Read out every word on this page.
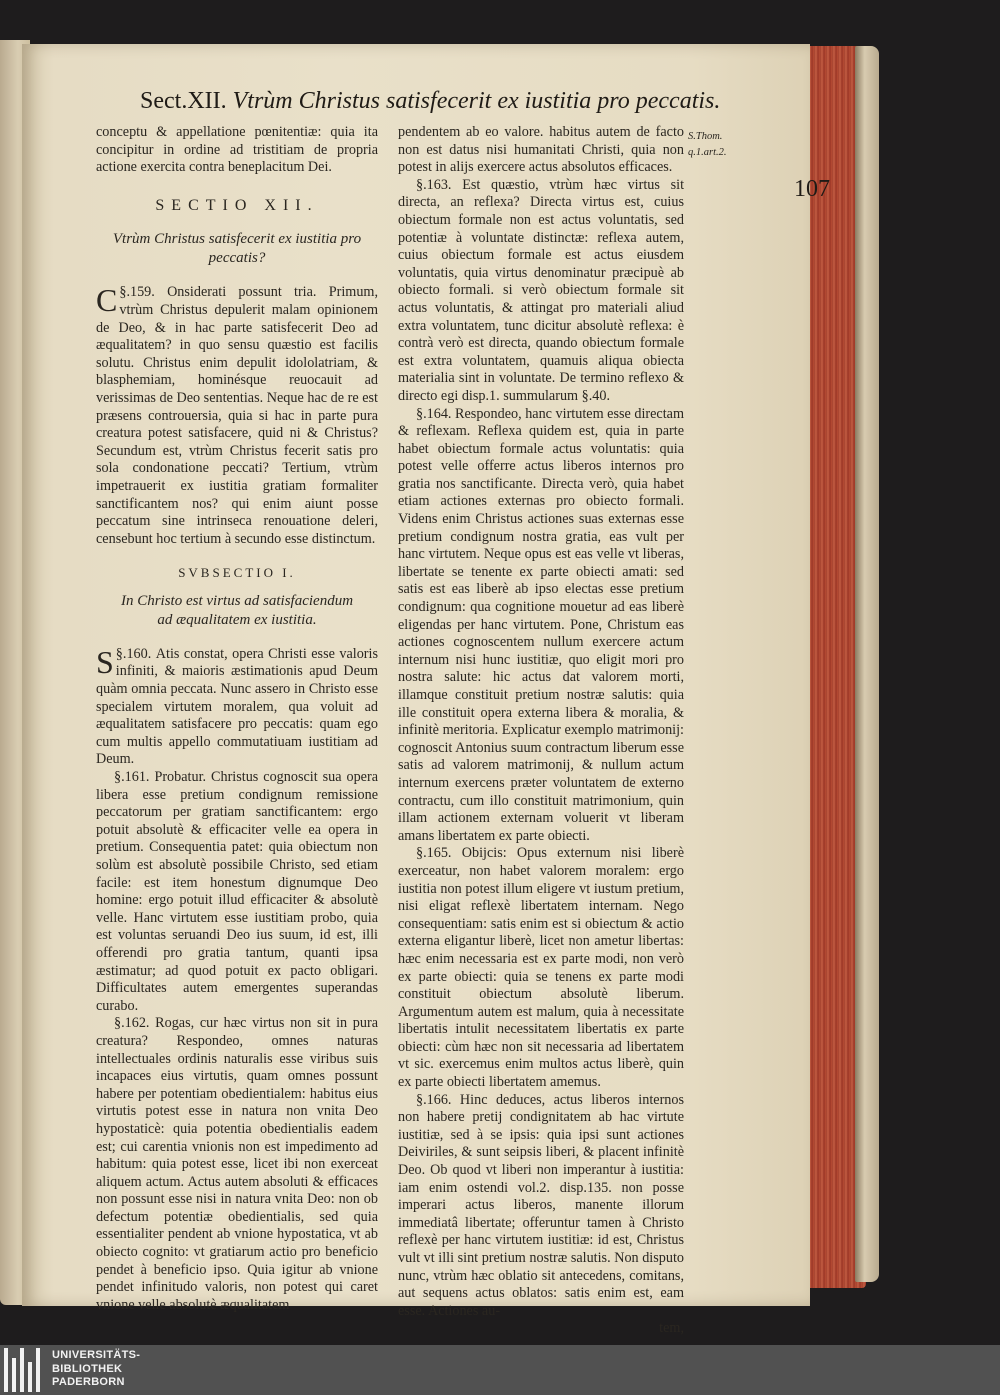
Sect.XII. Vtrùm Christus satisfecerit ex iustitia pro peccatis.
107
S.Thom.
q.1.art.2.

conceptu & appellatione pœnitentiæ: quia ita concipitur in ordine ad tristitiam de propria actione exercita contra beneplacitum Dei.

SECTIO XII.

Vtrùm Christus satisfecerit ex iustitia pro peccatis?

§.159.
C	Onsiderati possunt tria. Primum, vtrùm Christus depulerit malam opinionem de Deo, & in hac parte satisfecerit Deo ad æqualitatem? in quo sensu quæstio est facilis solutu. Christus enim depulit idololatriam, & blasphemiam, hominésque reuocauit ad verissimas de Deo sententias. Neque hac de re est præsens controuersia, quia si hac in parte pura creatura potest satisfacere, quid ni & Christus? Secundum est, vtrùm Christus fecerit satis pro sola condonatione peccati? Tertium, vtrùm impetrauerit ex iustitia gratiam formaliter sanctificantem nos? qui enim aiunt posse peccatum sine intrinseca renouatione deleri, censebunt hoc tertium à secundo esse distinctum.

SVBSECTIO I.

In Christo est virtus ad satisfaciendum ad æqualitatem ex iustitia.

§.160.
S	Atis constat, opera Christi esse valoris infiniti, & maioris æstimationis apud Deum quàm omnia peccata. Nunc assero in Christo esse specialem virtutem moralem, qua voluit ad æqualitatem satisfacere pro peccatis: quam ego cum multis appello commutatiuam iustitiam ad Deum.

§.161. Probatur. Christus cognoscit sua opera libera esse pretium condignum remissione peccatorum per gratiam sanctificantem: ergo potuit absolutè & efficaciter velle ea opera in pretium. Consequentia patet: quia obiectum non solùm est absolutè possibile Christo, sed etiam facile: est item honestum dignumque Deo homine: ergo potuit illud efficaciter & absolutè velle. Hanc virtutem esse iustitiam probo, quia est voluntas seruandi Deo ius suum, id est, illi offerendi pro gratia tantum, quanti ipsa æstimatur; ad quod potuit ex pacto obligari. Difficultates autem emergentes superandas curabo.

§.162. Rogas, cur hæc virtus non sit in pura creatura? Respondeo, omnes naturas intellectuales ordinis naturalis esse viribus suis incapaces eius virtutis, quam omnes possunt habere per potentiam obedientialem: habitus eius virtutis potest esse in natura non vnita Deo hypostaticè: quia potentia obedientialis eadem est; cui carentia vnionis non est impedimento ad habitum: quia potest esse, licet ibi non exerceat aliquem actum. Actus autem absoluti & efficaces non possunt esse nisi in natura vnita Deo: non ob defectum potentiæ obedientialis, sed quia essentialiter pendent ab vnione hypostatica, vt ab obiecto cognito: vt gratiarum actio pro beneficio pendet à beneficio ipso. Quia igitur ab vnione pendet infinitudo valoris, non potest qui caret vnione velle absolutè æqualitatem

pendentem ab eo valore. habitus autem de facto non est datus nisi humanitati Christi, quia non potest in alijs exercere actus absolutos efficaces.

§.163. Est quæstio, vtrùm hæc virtus sit directa, an reflexa? Directa virtus est, cuius obiectum formale non est actus voluntatis, sed potentiæ à voluntate distinctæ: reflexa autem, cuius obiectum formale est actus eiusdem voluntatis, quia virtus denominatur præcipuè ab obiecto formali. si verò obiectum formale sit actus voluntatis, & attingat pro materiali aliud extra voluntatem, tunc dicitur absolutè reflexa: è contrà verò est directa, quando obiectum formale est extra voluntatem, quamuis aliqua obiecta materialia sint in voluntate. De termino reflexo & directo egi disp.1. summularum §.40.

§.164. Respondeo, hanc virtutem esse directam & reflexam. Reflexa quidem est, quia in parte habet obiectum formale actus voluntatis: quia potest velle offerre actus liberos internos pro gratia nos sanctificante. Directa verò, quia habet etiam actiones externas pro obiecto formali. Videns enim Christus actiones suas externas esse pretium condignum nostra gratia, eas vult per hanc virtutem. Neque opus est eas velle vt liberas, libertate se tenente ex parte obiecti amati: sed satis est eas liberè ab ipso electas esse pretium condignum: qua cognitione mouetur ad eas liberè eligendas per hanc virtutem. Pone, Christum eas actiones cognoscentem nullum exercere actum internum nisi hunc iustitiæ, quo eligit mori pro nostra salute: hic actus dat valorem morti, illamque constituit pretium nostræ salutis: quia ille constituit opera externa libera & moralia, & infinitè meritoria. Explicatur exemplo matrimonij: cognoscit Antonius suum contractum liberum esse satis ad valorem matrimonij, & nullum actum internum exercens præter voluntatem de externo contractu, cum illo constituit matrimonium, quin illam actionem externam voluerit vt liberam amans libertatem ex parte obiecti.

§.165. Obijcis: Opus externum nisi liberè exerceatur, non habet valorem moralem: ergo iustitia non potest illum eligere vt iustum pretium, nisi eligat reflexè libertatem internam. Nego consequentiam: satis enim est si obiectum & actio externa eligantur liberè, licet non ametur libertas: hæc enim necessaria est ex parte modi, non verò ex parte obiecti: quia se tenens ex parte modi constituit obiectum absolutè liberum. Argumentum autem est malum, quia à necessitate libertatis intulit necessitatem libertatis ex parte obiecti: cùm hæc non sit necessaria ad libertatem vt sic. exercemus enim multos actus liberè, quin ex parte obiecti libertatem amemus.

§.166. Hinc deduces, actus liberos internos non habere pretij condignitatem ab hac virtute iustitiæ, sed à se ipsis: quia ipsi sunt actiones Deiviriles, & sunt seipsis liberi, & placent infinitè Deo. Ob quod vt liberi non imperantur à iustitia: iam enim ostendi vol.2. disp.135. non posse imperari actus liberos, manente illorum immediatâ libertate; offeruntur tamen à Christo reflexè per hanc virtutem iustitiæ: id est, Christus vult vt illi sint pretium nostræ salutis. Non disputo nunc, vtrùm hæc oblatio sit antecedens, comitans, aut sequens actus oblatos: satis enim est, eam esse. Actiones au-

tem,

UNIVERSITÄTS-
BIBLIOTHEK
PADERBORN
